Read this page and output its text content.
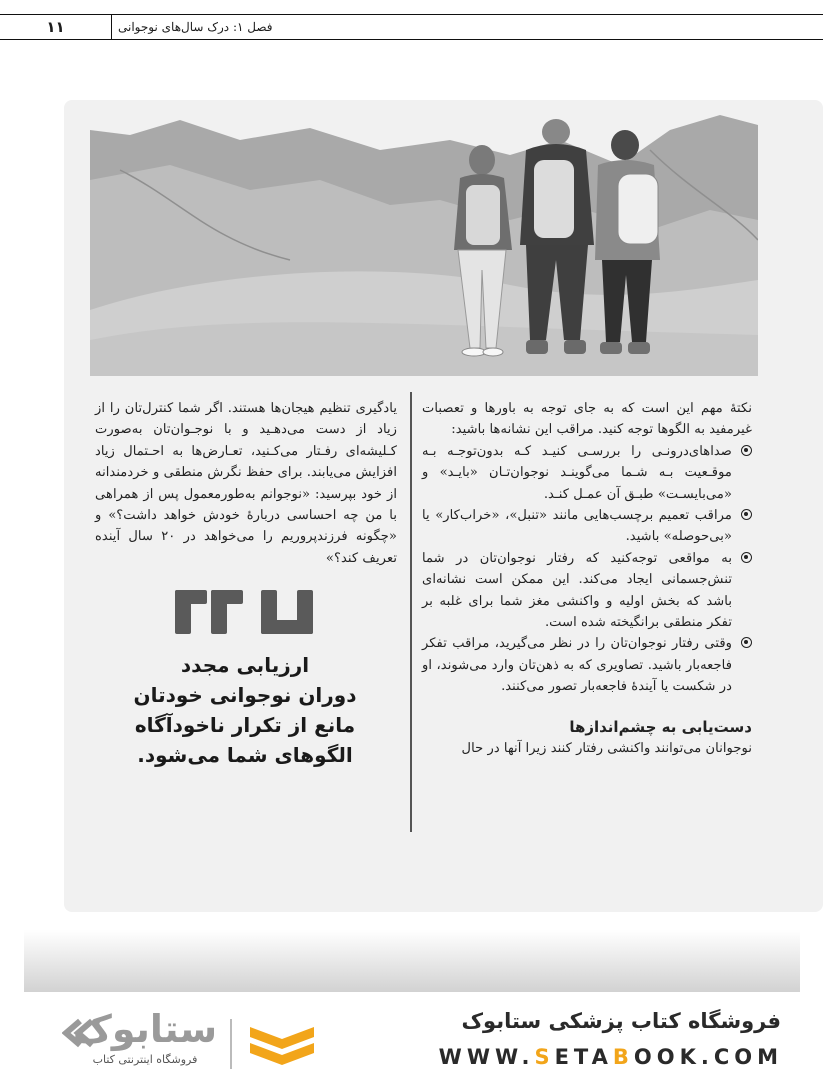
۱۱	فصل ۱: درک سال‌های نوجوانی
نکتهٔ مهم این است که به جای توجه به باورها و تعصبات غیرمفید به الگوها توجه کنید. مراقب این نشانه‌ها باشید:
صداهای‌درونـی را بررسـی کنیـد کـه بدون‌توجـه بـه موقـعیت بـه شـما می‌گوینـد نوجوان‌تـان «بایـد» و «می‌بایسـت» طبـق آن عمـل کنـد.
مراقب تعمیم برچسب‌هایی مانند «تنبل»، «خراب‌کار» یا «بی‌حوصله» باشید.
به مواقعی توجه‌کنید که رفتار نوجوان‌تان در شما تنش‌جسمانی ایجاد می‌کند. این ممکن است نشانه‌ای باشد که بخش اولیه و واکنشی مغز شما برای غلبه بر تفکر منطقی برانگیخته شده است.
وقتی رفتار نوجوان‌تان را در نظر می‌گیرید، مراقب تفکر فاجعه‌بار باشید. تصاویری که به ذهن‌تان وارد می‌شوند، او در شکست یا آیندهٔ فاجعه‌بار تصور می‌کنند.
دست‌یابی به چشم‌اندازها
نوجوانان می‌توانند واکنشی رفتار کنند زیرا آنها در حال
یادگیری تنظیم هیجان‌ها هستند. اگر شما کنترل‌تان را از زیاد از دست می‌دهـید و با نوجـوان‌تان به‌صورت کـلیشه‌ای رفـتار می‌کـنید، تعـارض‌ها به احـتمال زیاد افزایش می‌یابند. برای حفظ نگرش منطقی و خردمندانه از خود بپرسید: «نوجوانم به‌طورمعمول پس از همراهی با من چه احساسی دربارهٔ خودش خواهد داشت؟» و «چگونه فرزندپروریم را می‌خواهد در ۲۰ سال آینده تعریف کند؟»
ارزیابی مجدد
دوران نوجوانی خودتان
مانع از تکرار ناخودآگاه
الگوهای شما می‌شود.
فروشگاه کتاب پزشکی ستابوک
WWW.SETABOOK.COM
ستابوک
فروشگاه اینترنتی کتاب
